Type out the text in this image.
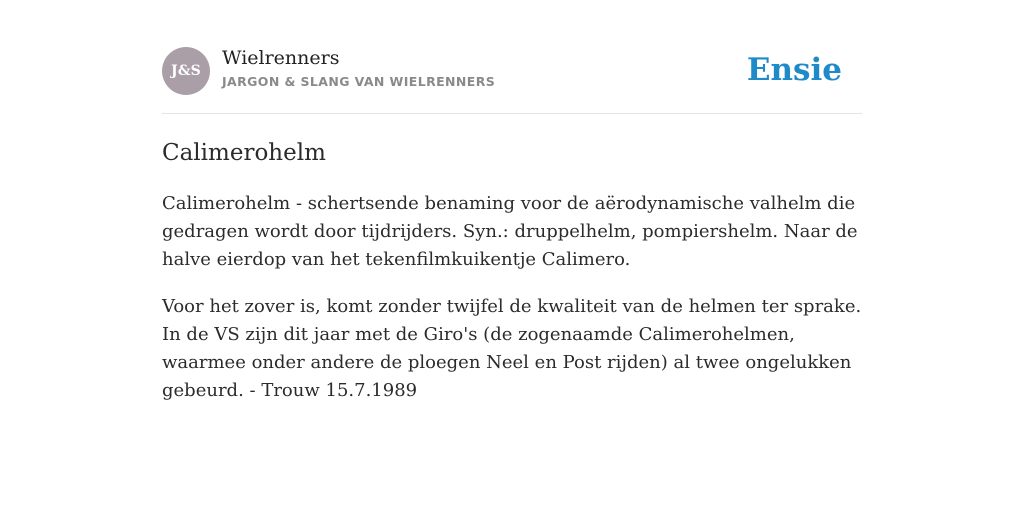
J&S
Wielrenners
JARGON & SLANG VAN WIELRENNERS	Ensie
Calimerohelm

Calimerohelm - schertsende benaming voor de aërodynamische valhelm die gedragen wordt door tijdrijders. Syn.: druppelhelm, pompiershelm. Naar de halve eierdop van het tekenfilmkuikentje Calimero.

Voor het zover is, komt zonder twijfel de kwaliteit van de helmen ter sprake. In de VS zijn dit jaar met de Giro's (de zogenaamde Calimerohelmen, waarmee onder andere de ploegen Neel en Post rijden) al twee ongelukken gebeurd. - Trouw 15.7.1989
